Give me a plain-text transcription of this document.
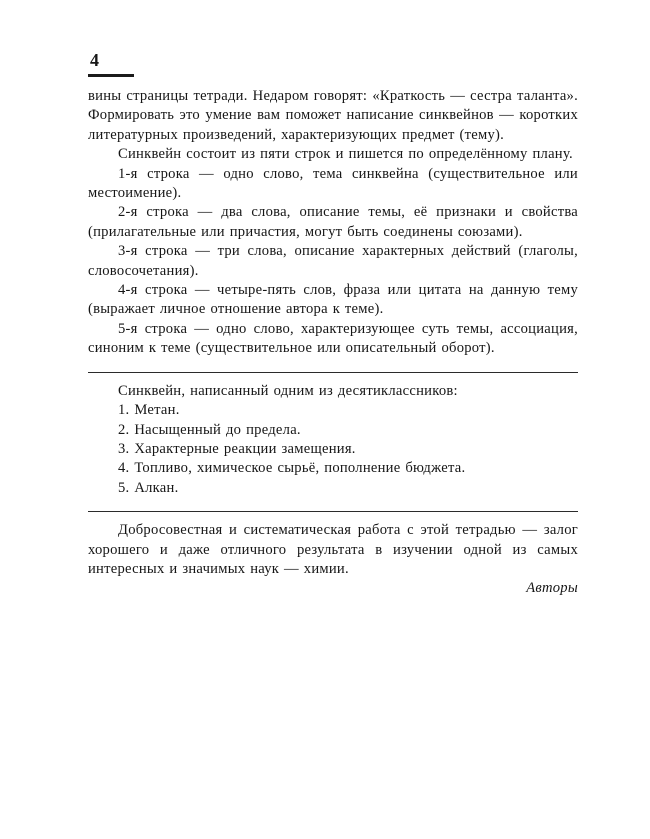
4

вины страницы тетради. Недаром говорят: «Краткость — сестра таланта». Формировать это умение вам поможет написание синквейнов — коротких литературных произведений, характеризующих предмет (тему).

Синквейн состоит из пяти строк и пишется по определённому плану.

1-я строка — одно слово, тема синквейна (существительное или местоимение).

2-я строка — два слова, описание темы, её признаки и свойства (прилагательные или причастия, могут быть соединены союзами).

3-я строка — три слова, описание характерных действий (глаголы, словосочетания).

4-я строка — четыре-пять слов, фраза или цитата на данную тему (выражает личное отношение автора к теме).

5-я строка — одно слово, характеризующее суть темы, ассоциация, синоним к теме (существительное или описательный оборот).

Синквейн, написанный одним из десятиклассников:

1. Метан.

2. Насыщенный до предела.

3. Характерные реакции замещения.

4. Топливо, химическое сырьё, пополнение бюджета.

5. Алкан.

Добросовестная и систематическая работа с этой тетрадью — залог хорошего и даже отличного результата в изучении одной из самых интересных и значимых наук — химии.

Авторы
